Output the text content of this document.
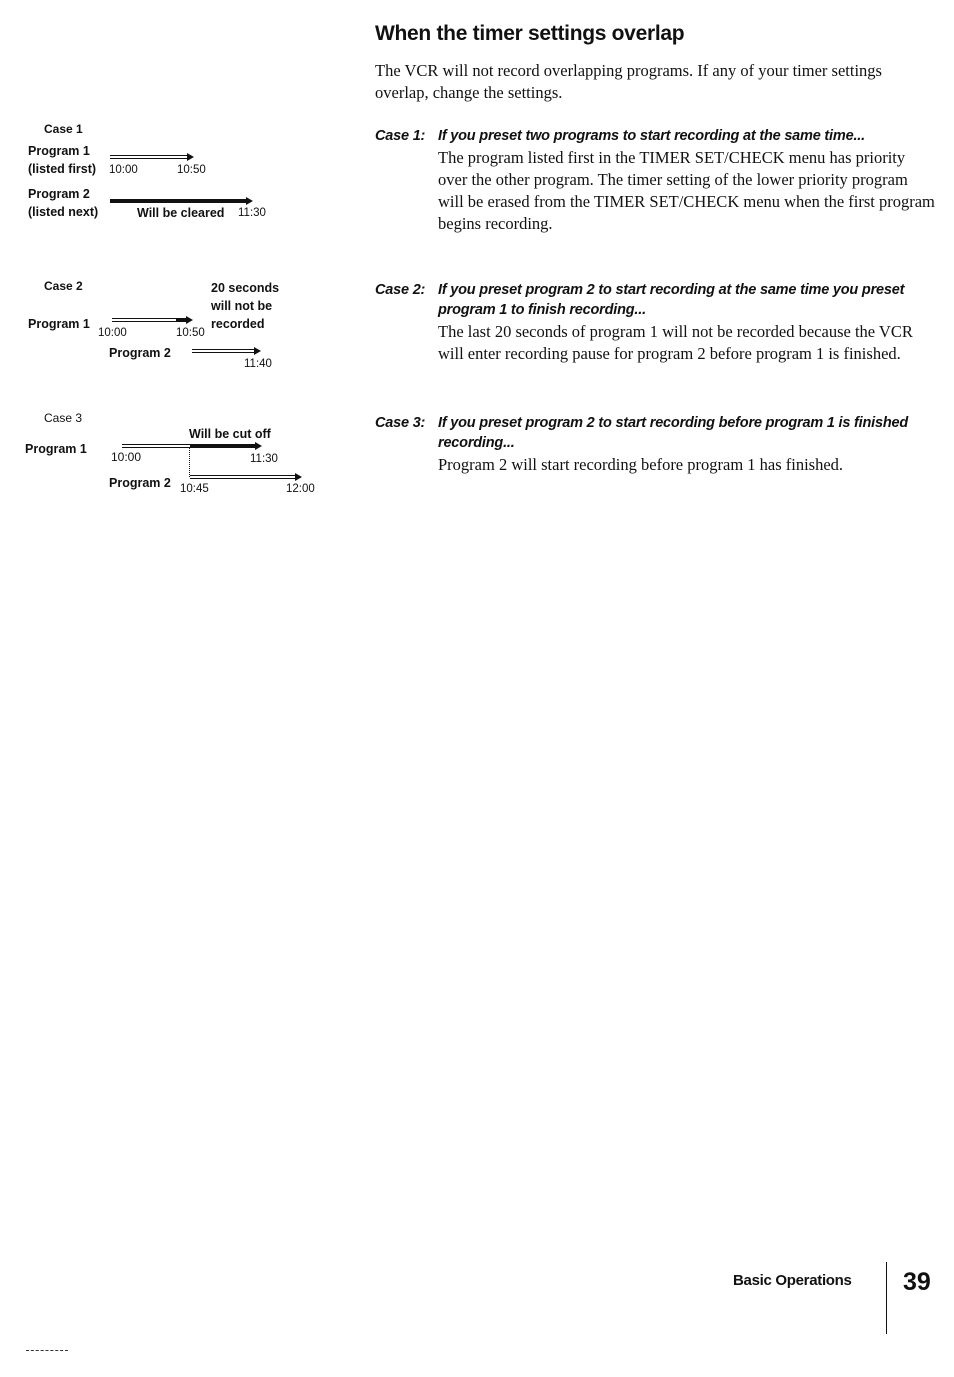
When the timer settings overlap
The VCR will not record overlapping programs. If any of your timer settings overlap, change the settings.
Case 1: If you preset two programs to start recording at the same time...
The program listed first in the TIMER SET/CHECK menu has priority over the other program. The timer setting of the lower priority program will be erased from the TIMER SET/CHECK menu when the first program begins recording.
Case 2: If you preset program 2 to start recording at the same time you preset program 1 to finish recording...
The last 20 seconds of program 1 will not be recorded because the VCR will enter recording pause for program 2 before program 1 is finished.
Case 3: If you preset program 2 to start recording before program 1 is finished recording...
Program 2 will start recording before program 1 has finished.
Case 1
Program 1
(listed first) 10:00	10:50
Program 2
(listed next)	Will be cleared 11:30
Case 2	20 seconds
will not be
recorded
Program 1
10:00	10:50
Program 2
11:40
Case 3
Will be cut off
Program 1
10:00	11:30
Program 2 10:45	12:00
Basic Operations 39
